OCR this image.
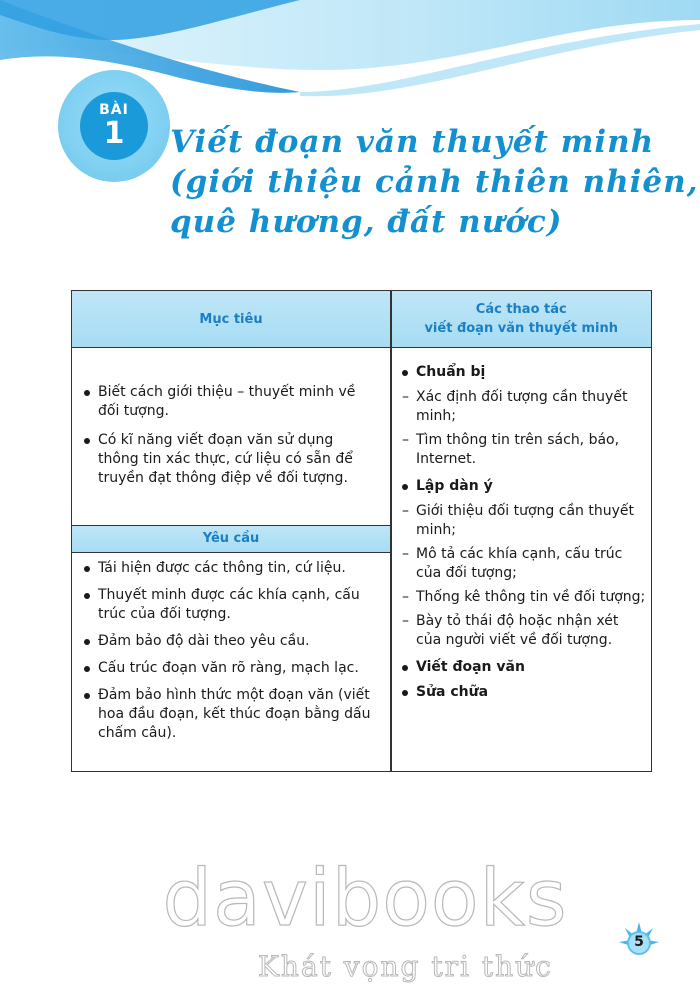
BÀI
1	Viết đoạn văn thuyết minh
(giới thiệu cảnh thiên nhiên,
quê hương, đất nước)
Mục tiêu
Các thao tác
viết đoạn văn thuyết minh
Biết cách giới thiệu – thuyết minh về đối tượng.
Có kĩ năng viết đoạn văn sử dụng thông tin xác thực, cứ liệu có sẵn để truyền đạt thông điệp về đối tượng.
Yêu cầu
Tái hiện được các thông tin, cứ liệu.
Thuyết minh được các khía cạnh, cấu trúc của đối tượng.
Đảm bảo độ dài theo yêu cầu.
Cấu trúc đoạn văn rõ ràng, mạch lạc.
Đảm bảo hình thức một đoạn văn (viết hoa đầu đoạn, kết thúc đoạn bằng dấu chấm câu).
Chuẩn bị
– Xác định đối tượng cần thuyết minh;
– Tìm thông tin trên sách, báo, Internet.
Lập dàn ý
– Giới thiệu đối tượng cần thuyết minh;
– Mô tả các khía cạnh, cấu trúc của đối tượng;
– Thống kê thông tin về đối tượng;
– Bày tỏ thái độ hoặc nhận xét của người viết về đối tượng.
Viết đoạn văn
Sửa chữa
davibooks
Khát vọng tri thức
5
